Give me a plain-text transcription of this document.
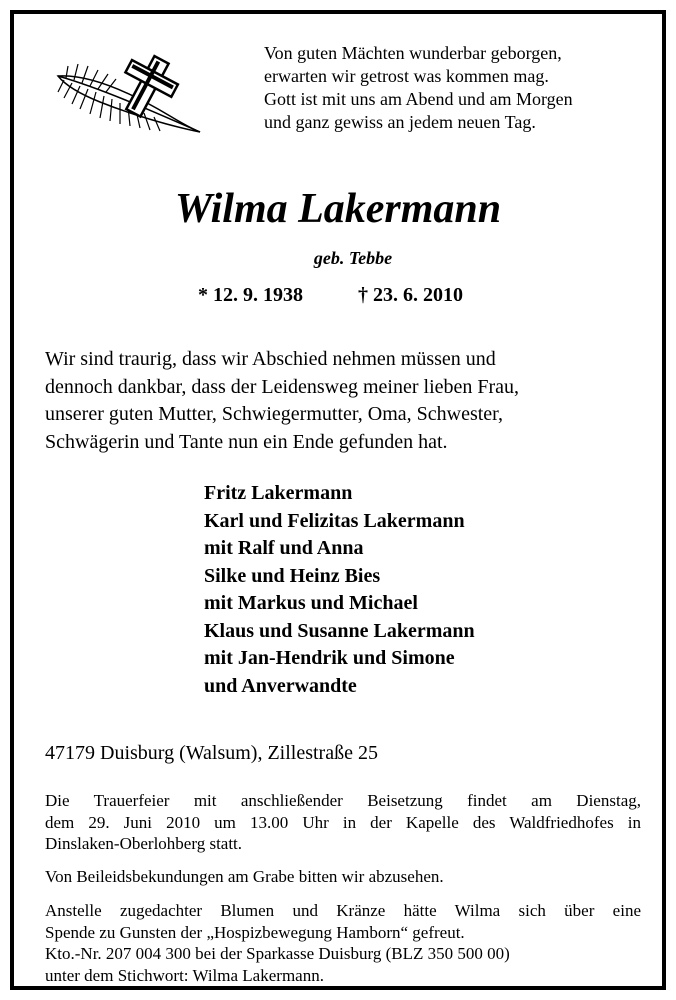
Von guten Mächten wunderbar geborgen,
erwarten wir getrost was kommen mag.
Gott ist mit uns am Abend und am Morgen
und ganz gewiss an jedem neuen Tag.
Wilma Lakermann
geb. Tebbe
* 12. 9. 1938	† 23. 6. 2010
Wir sind traurig, dass wir Abschied nehmen müssen und
dennoch dankbar, dass der Leidensweg meiner lieben Frau,
unserer guten Mutter, Schwiegermutter, Oma, Schwester,
Schwägerin und Tante nun ein Ende gefunden hat.
Fritz Lakermann
Karl und Felizitas Lakermann
mit Ralf und Anna
Silke und Heinz Bies
mit Markus und Michael
Klaus und Susanne Lakermann
mit Jan-Hendrik und Simone
und Anverwandte
47179 Duisburg (Walsum), Zillestraße 25
Die Trauerfeier mit anschließender Beisetzung findet am Dienstag,
dem 29. Juni 2010 um 13.00 Uhr in der Kapelle des Waldfriedhofes in
Dinslaken-Oberlohberg statt.
Von Beileidsbekundungen am Grabe bitten wir abzusehen.
Anstelle zugedachter Blumen und Kränze hätte Wilma sich über eine
Spende zu Gunsten der „Hospizbewegung Hamborn“ gefreut.
Kto.-Nr. 207 004 300 bei der Sparkasse Duisburg (BLZ 350 500 00)
unter dem Stichwort: Wilma Lakermann.
